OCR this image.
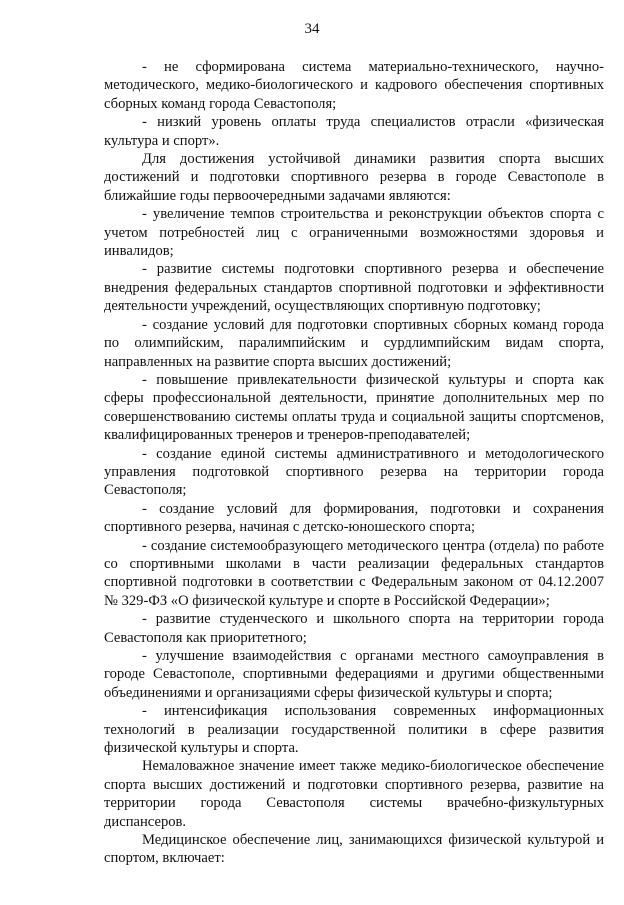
34

- не сформирована система материально-технического, научно-методического, медико-биологического и кадрового обеспечения спортивных сборных команд города Севастополя;

- низкий уровень оплаты труда специалистов отрасли «физическая культура и спорт».

Для достижения устойчивой динамики развития спорта высших достижений и подготовки спортивного резерва в городе Севастополе в ближайшие годы первоочередными задачами являются:

- увеличение темпов строительства и реконструкции объектов спорта с учетом потребностей лиц с ограниченными возможностями здоровья и инвалидов;

- развитие системы подготовки спортивного резерва и обеспечение внедрения федеральных стандартов спортивной подготовки и эффективности деятельности учреждений, осуществляющих спортивную подготовку;

- создание условий для подготовки спортивных сборных команд города по олимпийским, паралимпийским и сурдлимпийским видам спорта, направленных на развитие спорта высших достижений;

- повышение привлекательности физической культуры и спорта как сферы профессиональной деятельности, принятие дополнительных мер по совершенствованию системы оплаты труда и социальной защиты спортсменов, квалифицированных тренеров и тренеров-преподавателей;

- создание единой системы административного и методологического управления подготовкой спортивного резерва на территории города Севастополя;

- создание условий для формирования, подготовки и сохранения спортивного резерва, начиная с детско-юношеского спорта;

- создание системообразующего методического центра (отдела) по работе со спортивными школами в части реализации федеральных стандартов спортивной подготовки в соответствии с Федеральным законом от 04.12.2007 № 329-ФЗ «О физической культуре и спорте в Российской Федерации»;

- развитие студенческого и школьного спорта на территории города Севастополя как приоритетного;

- улучшение взаимодействия с органами местного самоуправления в городе Севастополе, спортивными федерациями и другими общественными объединениями и организациями сферы физической культуры и спорта;

- интенсификация использования современных информационных технологий в реализации государственной политики в сфере развития физической культуры и спорта.

Немаловажное значение имеет также медико-биологическое обеспечение спорта высших достижений и подготовки спортивного резерва, развитие на территории города Севастополя системы врачебно-физкультурных диспансеров.

Медицинское обеспечение лиц, занимающихся физической культурой и спортом, включает:
